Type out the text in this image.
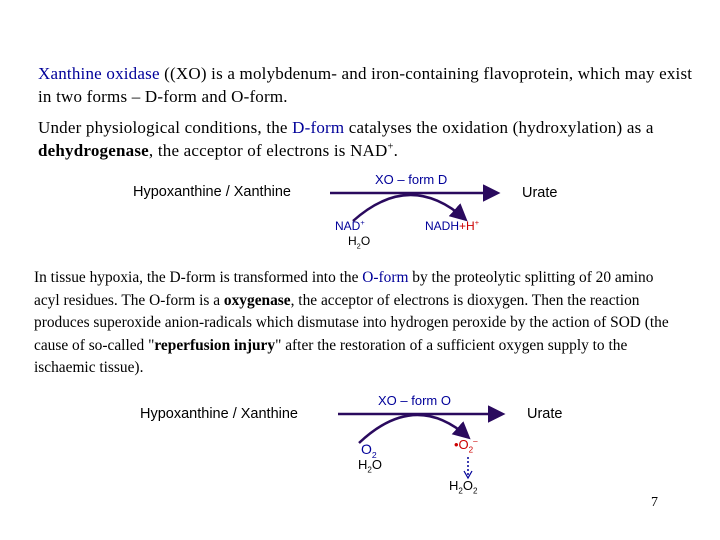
Xanthine oxidase ((XO) is a molybdenum- and iron-containing flavoprotein, which may exist in two forms – D-form and O-form.

Under physiological conditions, the D-form catalyses the oxidation (hydroxylation) as a dehydrogenase, the acceptor of electrons is NAD+.

Hypoxanthine / Xanthine
XO – form D
Urate
NAD+
$H_2O$
NADH+H+

In tissue hypoxia, the D-form is transformed into the O-form by the proteolytic splitting of 20 amino acyl residues. The O-form is a oxygenase, the acceptor of electrons is dioxygen. Then the reaction produces superoxide anion-radicals which dismutase into hydrogen peroxide by the action of SOD (the cause of so-called "reperfusion injury" after the restoration of a sufficient oxygen supply to the ischaemic tissue).

Hypoxanthine / Xanthine
XO – form O
Urate
$O_2$
$H_2O$
$•O_2^-$
$H_2O_2$
7
